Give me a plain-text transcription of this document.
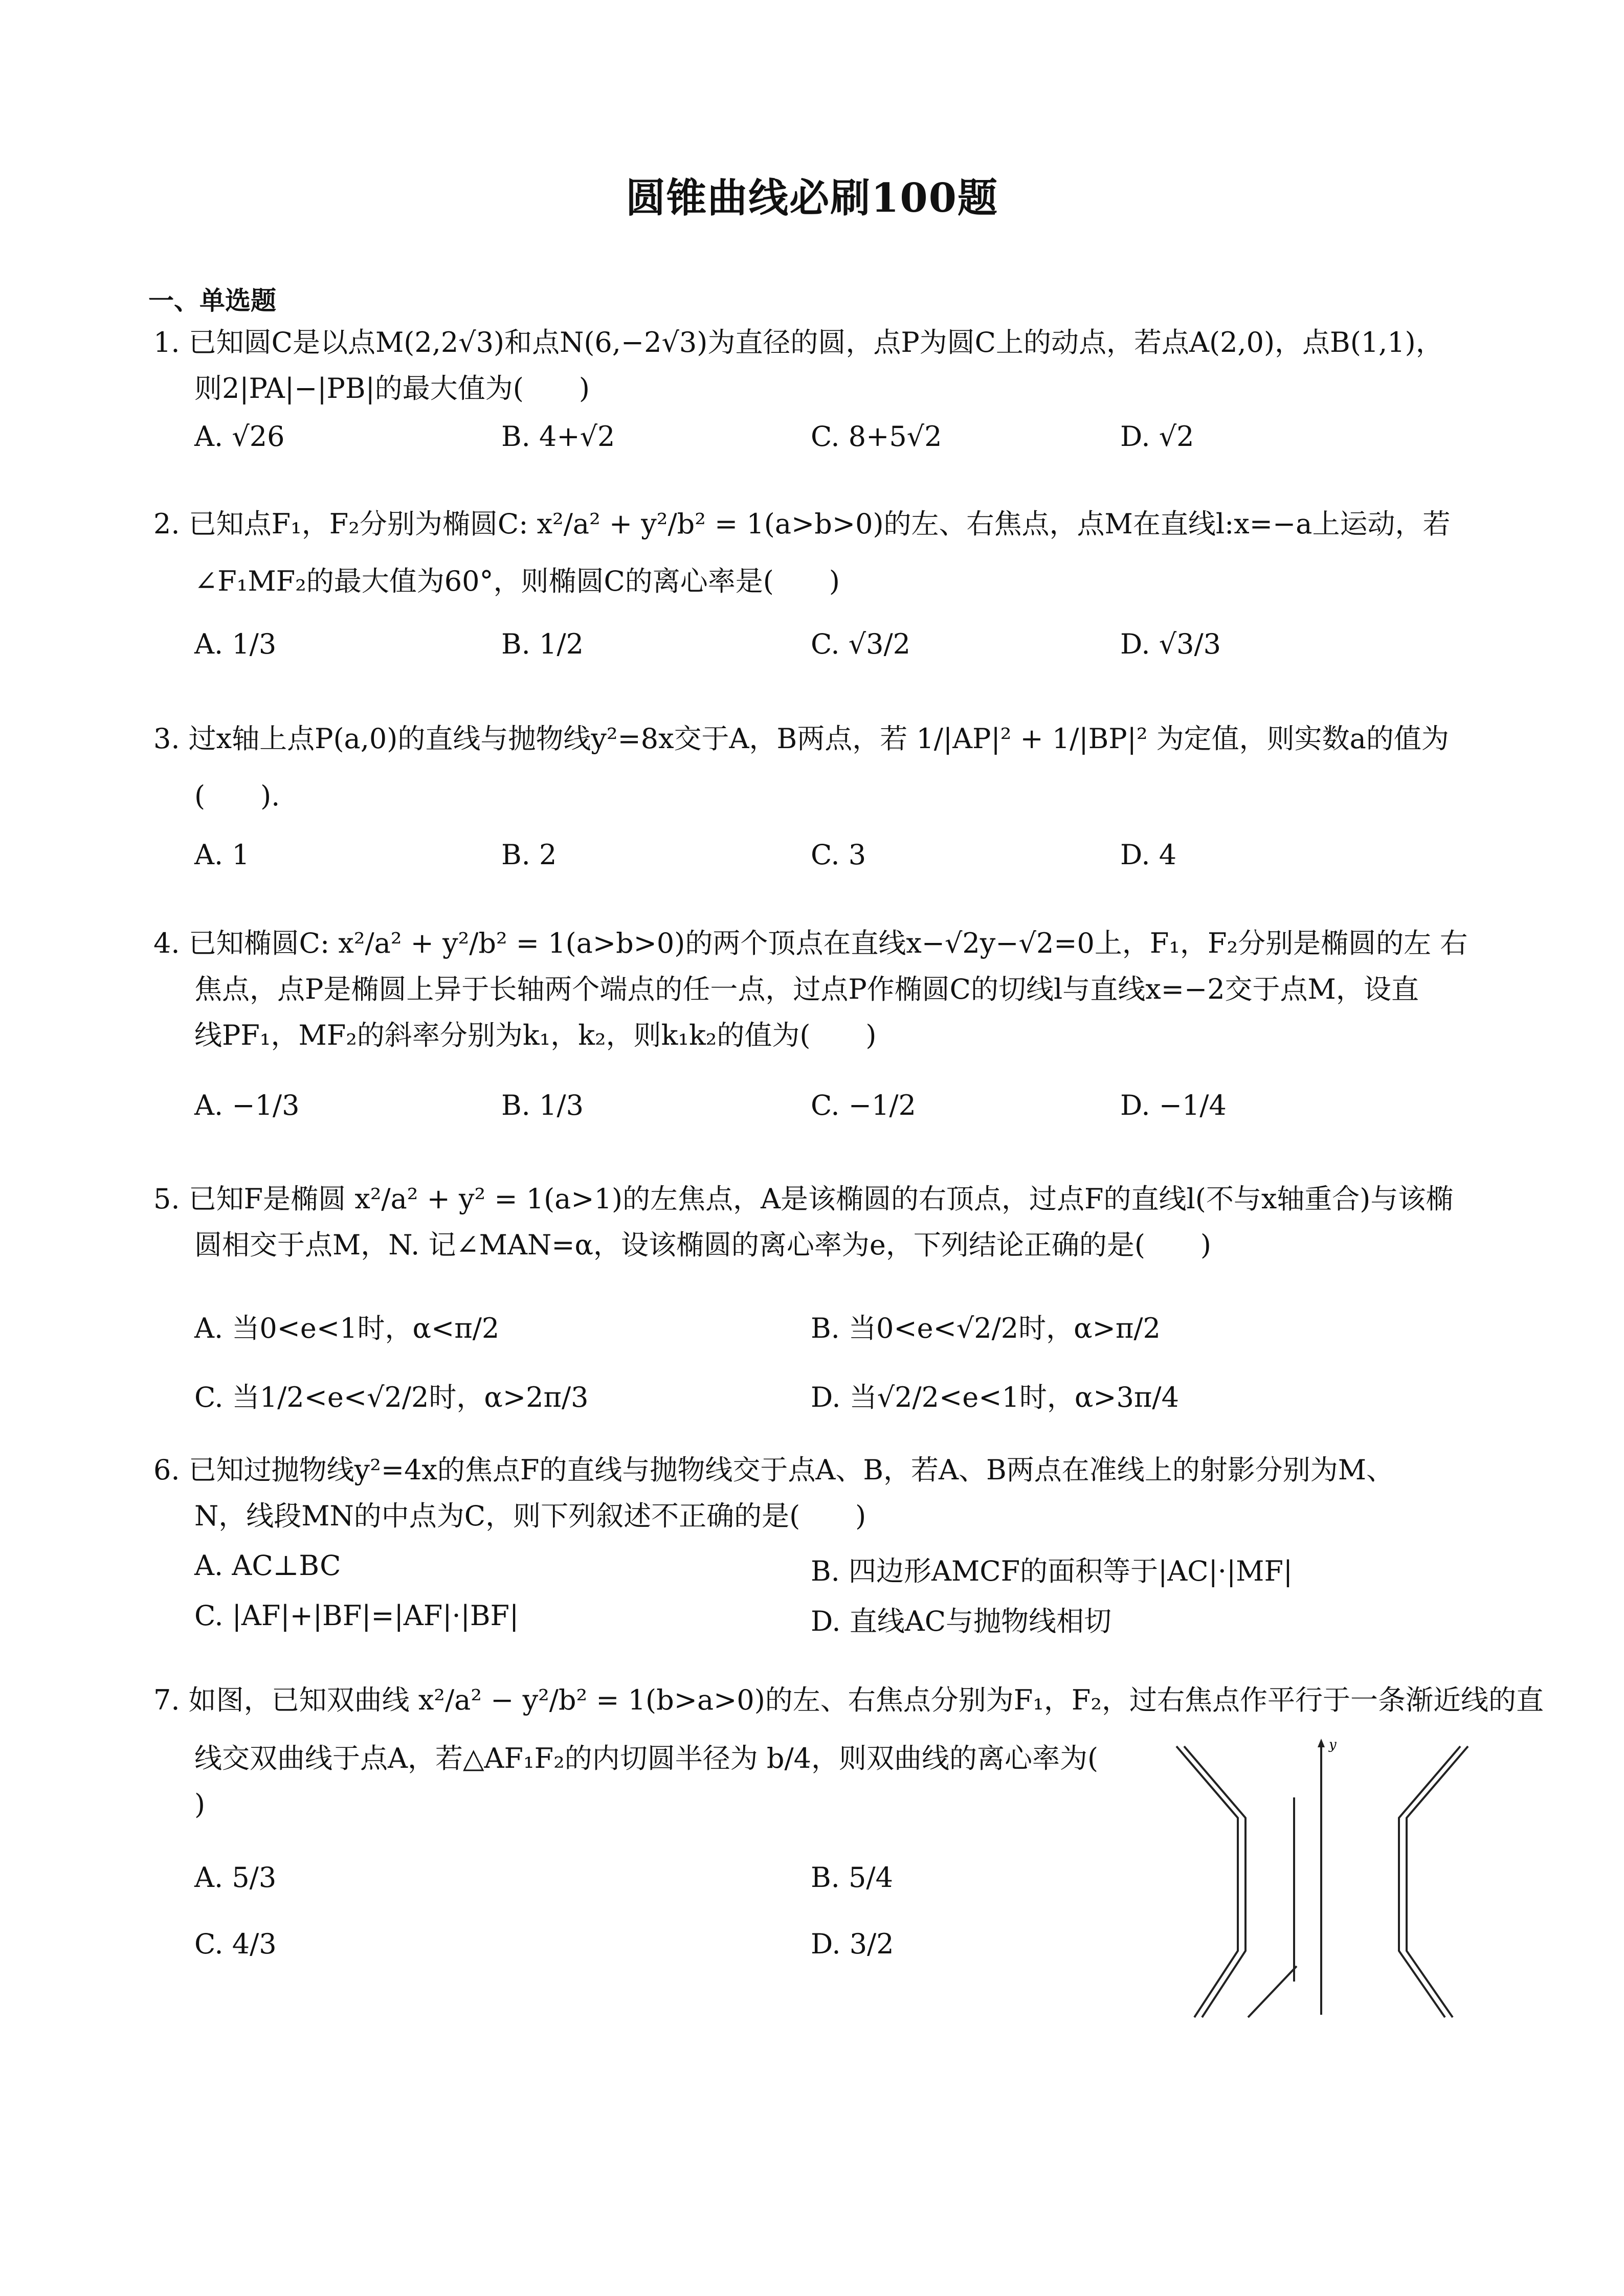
圆锥曲线必刷100题
一、单选题
1. 已知圆C是以点M(2,2√3)和点N(6,−2√3)为直径的圆，点P为圆C上的动点，若点A(2,0)，点B(1,1)，
则2|PA|−|PB|的最大值为(　　)
A. √26	B. 4+√2	C. 8+5√2	D. √2
2. 已知点F₁，F₂分别为椭圆C: x²/a² + y²/b² = 1(a>b>0)的左、右焦点，点M在直线l:x=−a上运动，若
∠F₁MF₂的最大值为60°，则椭圆C的离心率是(　　)
A. 1/3	B. 1/2	C. √3/2	D. √3/3
3. 过x轴上点P(a,0)的直线与抛物线y²=8x交于A，B两点，若 1/|AP|² + 1/|BP|² 为定值，则实数a的值为
(　　).
A. 1	B. 2	C. 3	D. 4
4. 已知椭圆C: x²/a² + y²/b² = 1(a>b>0)的两个顶点在直线x−√2y−√2=0上，F₁，F₂分别是椭圆的左 右
焦点，点P是椭圆上异于长轴两个端点的任一点，过点P作椭圆C的切线l与直线x=−2交于点M，设直
线PF₁，MF₂的斜率分别为k₁，k₂，则k₁k₂的值为(　　)
A. −1/3	B. 1/3	C. −1/2	D. −1/4
5. 已知F是椭圆 x²/a² + y² = 1(a>1)的左焦点，A是该椭圆的右顶点，过点F的直线l(不与x轴重合)与该椭
圆相交于点M，N. 记∠MAN=α，设该椭圆的离心率为e，下列结论正确的是(　　)
A. 当0<e<1时，α<π/2	B. 当0<e<√2/2时，α>π/2
C. 当1/2<e<√2/2时，α>2π/3	D. 当√2/2<e<1时，α>3π/4
6. 已知过抛物线y²=4x的焦点F的直线与抛物线交于点A、B，若A、B两点在准线上的射影分别为M、
N，线段MN的中点为C，则下列叙述不正确的是(　　)
A. AC⊥BC	B. 四边形AMCF的面积等于|AC|·|MF|
C. |AF|+|BF|=|AF|·|BF|	D. 直线AC与抛物线相切
7. 如图，已知双曲线 x²/a² − y²/b² = 1(b>a>0)的左、右焦点分别为F₁，F₂，过右焦点作平行于一条渐近线的直
线交双曲线于点A，若△AF₁F₂的内切圆半径为 b/4，则双曲线的离心率为(
)
A. 5/3	B. 5/4
C. 4/3	D. 3/2
y
